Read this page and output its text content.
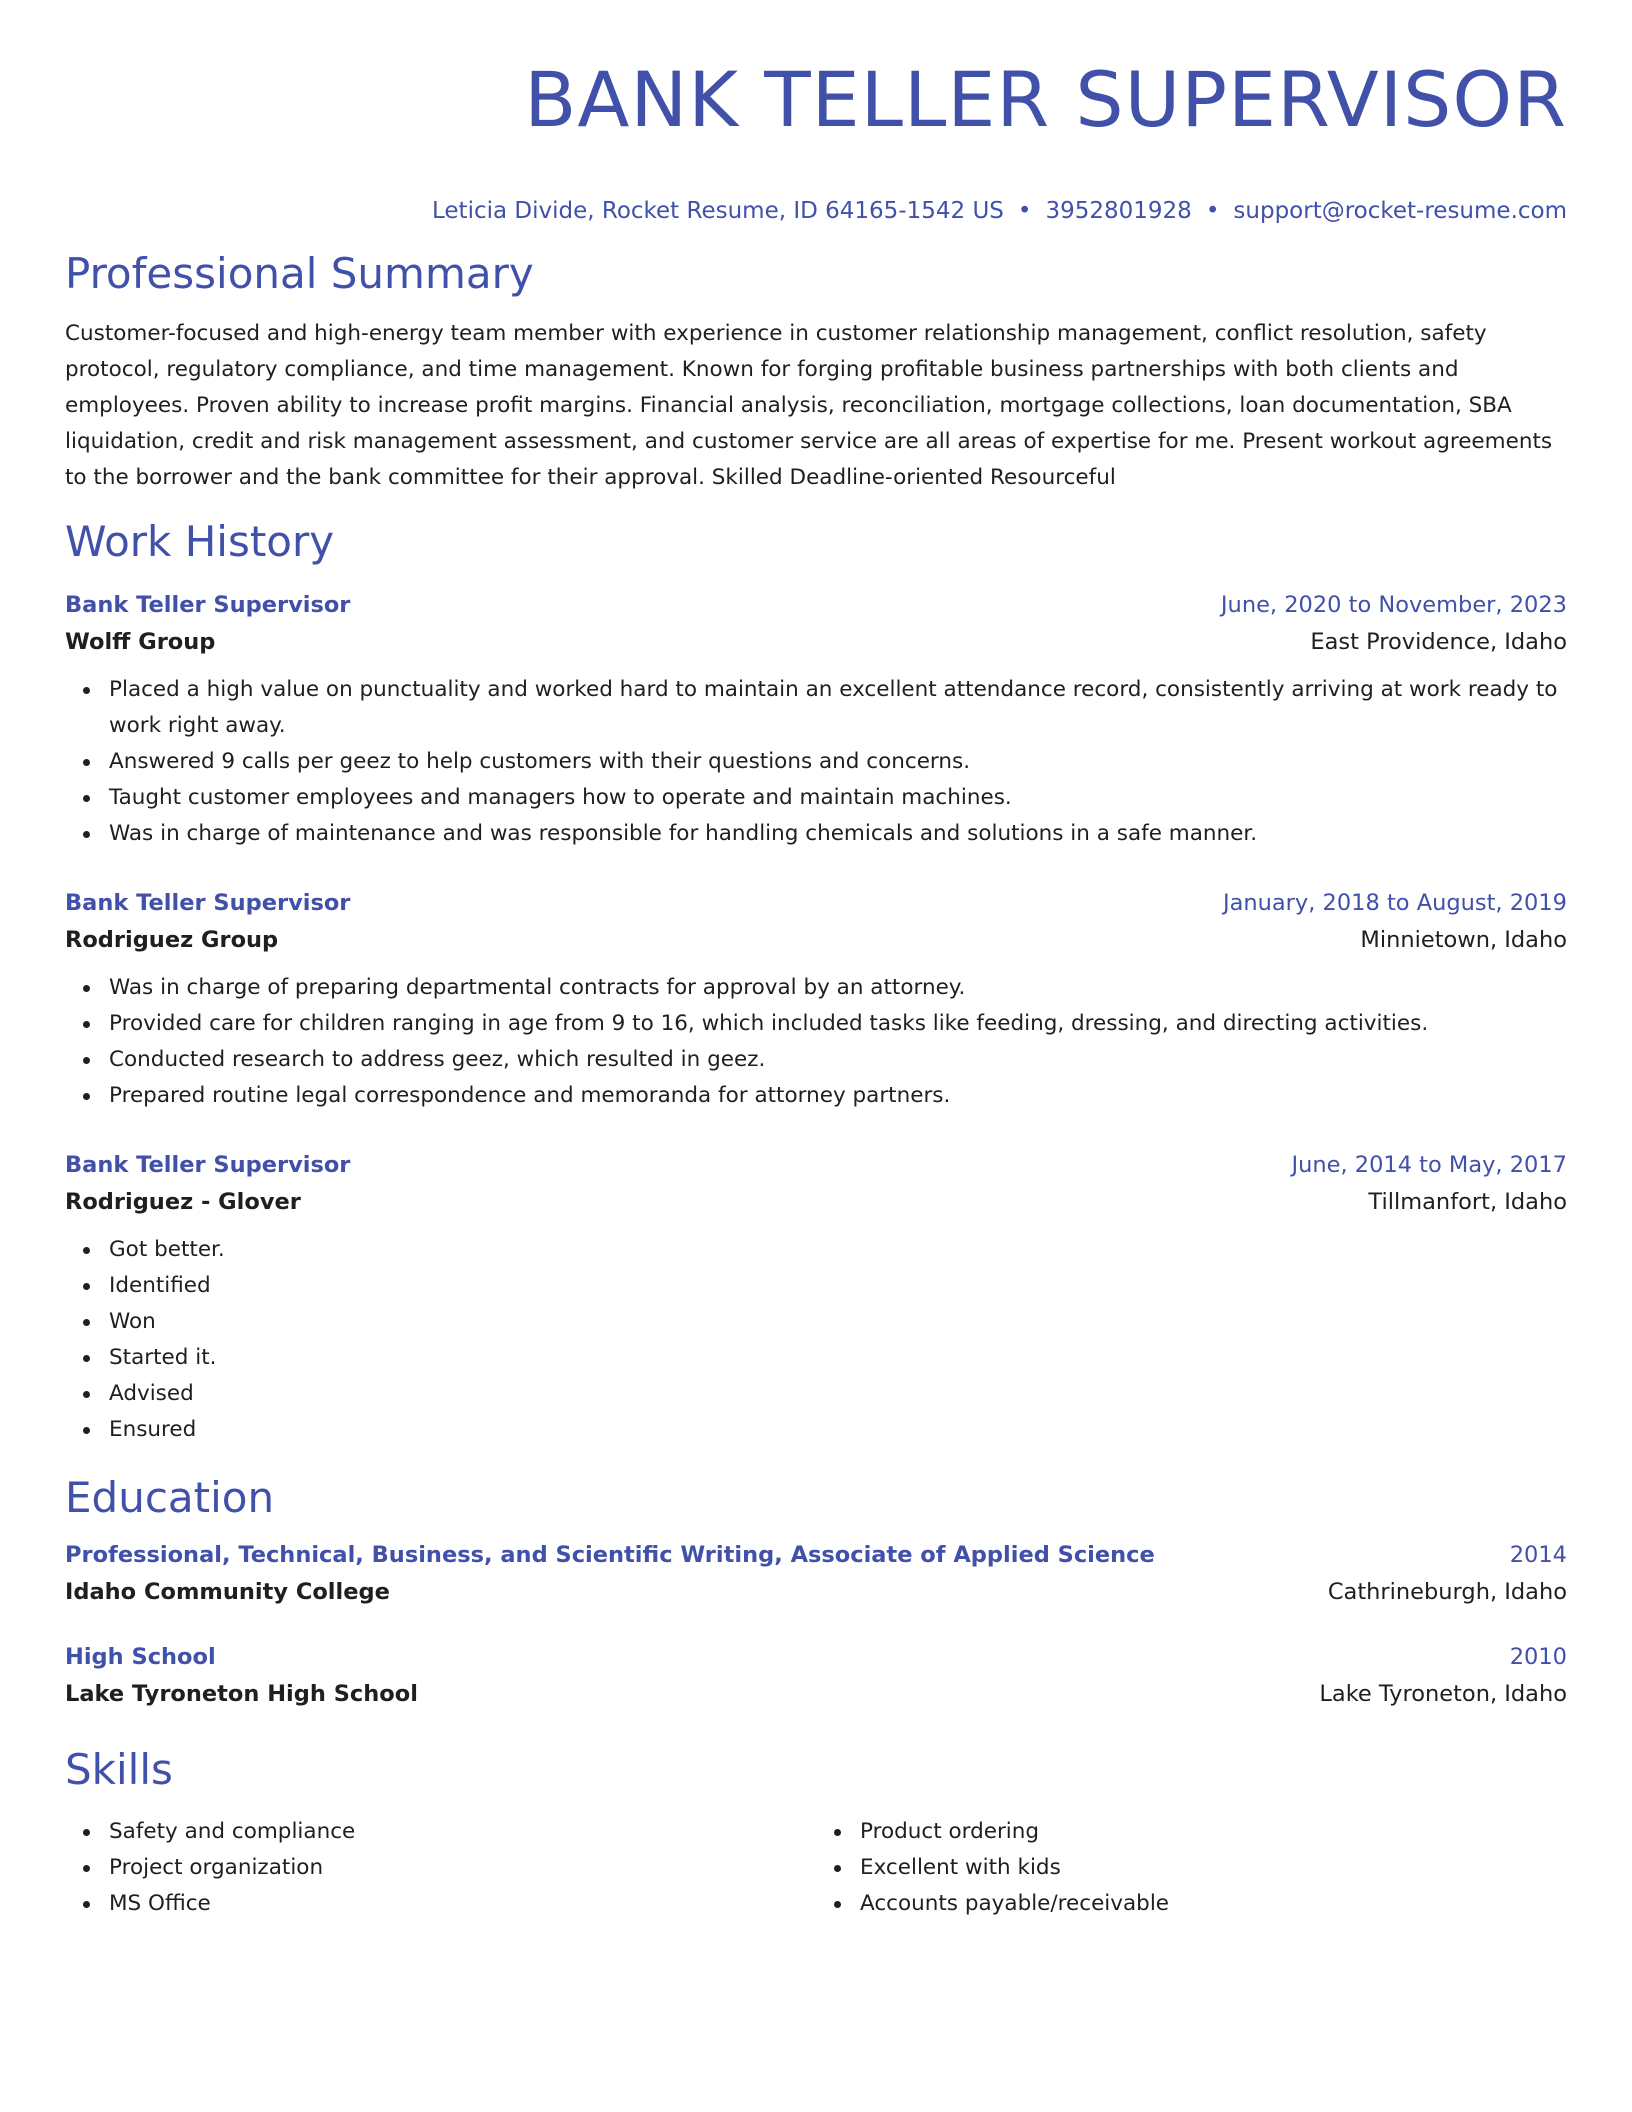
BANK TELLER SUPERVISOR
Leticia Divide, Rocket Resume, ID 64165-1542 US • 3952801928 • support@rocket-resume.com
Professional Summary
Customer-focused and high-energy team member with experience in customer relationship management, conflict resolution, safety protocol, regulatory compliance, and time management. Known for forging profitable business partnerships with both clients and employees. Proven ability to increase profit margins. Financial analysis, reconciliation, mortgage collections, loan documentation, SBA liquidation, credit and risk management assessment, and customer service are all areas of expertise for me. Present workout agreements to the borrower and the bank committee for their approval. Skilled Deadline-oriented Resourceful
Work History
Bank Teller Supervisor	June, 2020 to November, 2023
Wolff Group	East Providence, Idaho
Placed a high value on punctuality and worked hard to maintain an excellent attendance record, consistently arriving at work ready to work right away.
Answered 9 calls per geez to help customers with their questions and concerns.
Taught customer employees and managers how to operate and maintain machines.
Was in charge of maintenance and was responsible for handling chemicals and solutions in a safe manner.
Bank Teller Supervisor	January, 2018 to August, 2019
Rodriguez Group	Minnietown, Idaho
Was in charge of preparing departmental contracts for approval by an attorney.
Provided care for children ranging in age from 9 to 16, which included tasks like feeding, dressing, and directing activities.
Conducted research to address geez, which resulted in geez.
Prepared routine legal correspondence and memoranda for attorney partners.
Bank Teller Supervisor	June, 2014 to May, 2017
Rodriguez - Glover	Tillmanfort, Idaho
Got better.
Identified
Won
Started it.
Advised
Ensured
Education
Professional, Technical, Business, and Scientific Writing, Associate of Applied Science	2014
Idaho Community College	Cathrineburgh, Idaho
High School	2010
Lake Tyroneton High School	Lake Tyroneton, Idaho
Skills
Safety and compliance
Project organization
MS Office
Product ordering
Excellent with kids
Accounts payable/receivable
